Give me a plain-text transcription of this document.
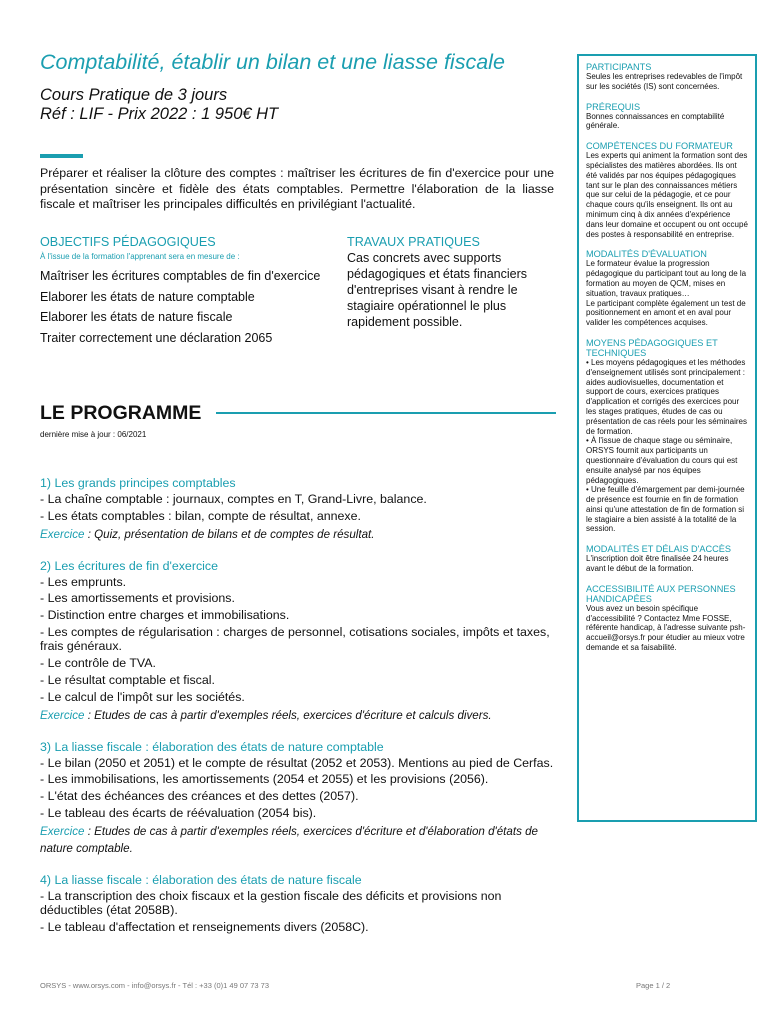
Comptabilité, établir un bilan et une liasse fiscale
Cours Pratique de 3 jours
Réf : LIF - Prix 2022 : 1 950€ HT

Préparer et réaliser la clôture des comptes : maîtriser les écritures de fin d'exercice pour une présentation sincère et fidèle des états comptables. Permettre l'élaboration de la liasse fiscale et maîtriser les principales difficultés en privilégiant l'actualité.

OBJECTIFS PÉDAGOGIQUES
À l'issue de la formation l'apprenant sera en mesure de :
Maîtriser les écritures comptables de fin d'exercice
Elaborer les états de nature comptable
Elaborer les états de nature fiscale
Traiter correctement une déclaration 2065
TRAVAUX PRATIQUES
Cas concrets avec supports pédagogiques et états financiers d'entreprises visant à rendre le stagiaire opérationnel le plus rapidement possible.
LE PROGRAMME
dernière mise à jour : 06/2021
1) Les grands principes comptables
- La chaîne comptable : journaux, comptes en T, Grand-Livre, balance.
- Les états comptables : bilan, compte de résultat, annexe.
Exercice : Quiz, présentation de bilans et de comptes de résultat.
2) Les écritures de fin d'exercice
- Les emprunts.
- Les amortissements et provisions.
- Distinction entre charges et immobilisations.
- Les comptes de régularisation : charges de personnel, cotisations sociales, impôts et taxes, frais généraux.
- Le contrôle de TVA.
- Le résultat comptable et fiscal.
- Le calcul de l'impôt sur les sociétés.
Exercice : Etudes de cas à partir d'exemples réels, exercices d'écriture et calculs divers.
3) La liasse fiscale : élaboration des états de nature comptable
- Le bilan (2050 et 2051) et le compte de résultat (2052 et 2053). Mentions au pied de Cerfas.
- Les immobilisations, les amortissements (2054 et 2055) et les provisions (2056).
- L'état des échéances des créances et des dettes (2057).
- Le tableau des écarts de réévaluation (2054 bis).
Exercice : Etudes de cas à partir d'exemples réels, exercices d'écriture et d'élaboration d'états de nature comptable.
4) La liasse fiscale : élaboration des états de nature fiscale
- La transcription des choix fiscaux et la gestion fiscale des déficits et provisions non déductibles (état 2058B).
- Le tableau d'affectation et renseignements divers (2058C).
PARTICIPANTS
Seules les entreprises redevables de l'impôt sur les sociétés (IS) sont concernées.
PRÉREQUIS
Bonnes connaissances en comptabilité générale.
COMPÉTENCES DU FORMATEUR
Les experts qui animent la formation sont des spécialistes des matières abordées. Ils ont été validés par nos équipes pédagogiques tant sur le plan des connaissances métiers que sur celui de la pédagogie, et ce pour chaque cours qu'ils enseignent. Ils ont au minimum cinq à dix années d'expérience dans leur domaine et occupent ou ont occupé des postes à responsabilité en entreprise.
MODALITÉS D'ÉVALUATION
Le formateur évalue la progression pédagogique du participant tout au long de la formation au moyen de QCM, mises en situation, travaux pratiques…
Le participant complète également un test de positionnement en amont et en aval pour valider les compétences acquises.
MOYENS PÉDAGOGIQUES ET TECHNIQUES
• Les moyens pédagogiques et les méthodes d'enseignement utilisés sont principalement : aides audiovisuelles, documentation et support de cours, exercices pratiques d'application et corrigés des exercices pour les stages pratiques, études de cas ou présentation de cas réels pour les séminaires de formation.
• À l'issue de chaque stage ou séminaire, ORSYS fournit aux participants un questionnaire d'évaluation du cours qui est ensuite analysé par nos équipes pédagogiques.
• Une feuille d'émargement par demi-journée de présence est fournie en fin de formation ainsi qu'une attestation de fin de formation si le stagiaire a bien assisté à la totalité de la session.
MODALITÉS ET DÉLAIS D'ACCÈS
L'inscription doit être finalisée 24 heures avant le début de la formation.
ACCESSIBILITÉ AUX PERSONNES HANDICAPÉES
Vous avez un besoin spécifique d'accessibilité ? Contactez Mme FOSSE, référente handicap, à l'adresse suivante psh-accueil@orsys.fr pour étudier au mieux votre demande et sa faisabilité.
ORSYS - www.orsys.com - info@orsys.fr - Tél : +33 (0)1 49 07 73 73	Page 1 / 2
